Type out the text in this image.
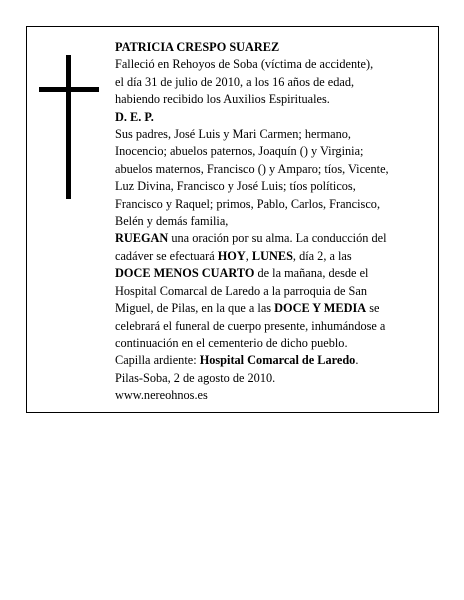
PATRICIA CRESPO SUAREZ
Falleció en Rehoyos de Soba (víctima de accidente),
el día 31 de julio de 2010, a los 16 años de edad,
habiendo recibido los Auxilios Espirituales.
D. E. P.
Sus padres, José Luis y Mari Carmen; hermano,
Inocencio; abuelos paternos, Joaquín () y Virginia;
abuelos maternos, Francisco () y Amparo; tíos, Vicente,
Luz Divina, Francisco y José Luis; tíos políticos,
Francisco y Raquel; primos, Pablo, Carlos, Francisco,
Belén y demás familia,
RUEGAN una oración por su alma. La conducción del
cadáver se efectuará HOY, LUNES, día 2, a las
DOCE MENOS CUARTO de la mañana, desde el
Hospital Comarcal de Laredo a la parroquia de San
Miguel, de Pilas, en la que a las DOCE Y MEDIA se
celebrará el funeral de cuerpo presente, inhumándose a
continuación en el cementerio de dicho pueblo.
Capilla ardiente: Hospital Comarcal de Laredo.
Pilas-Soba, 2 de agosto de 2010.
www.nereohnos.es
